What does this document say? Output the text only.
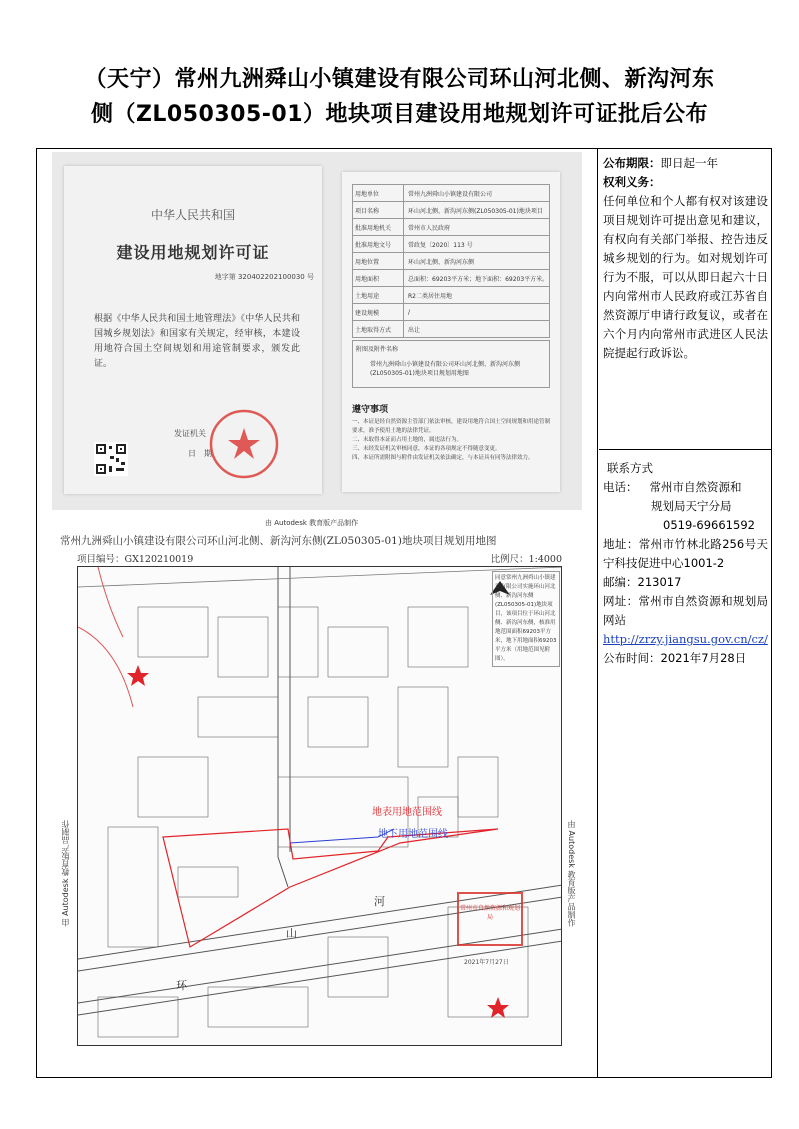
（天宁）常州九洲舜山小镇建设有限公司环山河北侧、新沟河东
侧（ZL050305-01）地块项目建设用地规划许可证批后公布
中华人民共和国
建设用地规划许可证
地字第 320402202100030 号
根据《中华人民共和国土地管理法》《中华人民共和国城乡规划法》和国家有关规定，经审核，本建设用地符合国土空间规划和用途管制要求，颁发此证。
发证机关
日　期
用地单位	常州九洲舜山小镇建设有限公司
项目名称	环山河北侧、新沟河东侧(ZL050305-01)地块项目
批准用地机关	常州市人民政府
批准用地文号	常政复〔2020〕113 号
用地位置	环山河北侧、新沟河东侧
用地面积	总面积：69203平方米；地下面积：69203平方米。
土地用途	R2二类居住用地
建设规模	/
土地取得方式	出让
附图及附件名称
常州九洲舜山小镇建设有限公司环山河北侧、新沟河东侧(ZL050305-01)地块项目规划用地图
遵守事项
一、本证是经自然资源主管部门依法审核，建设用地符合国土空间规划和用途管制要求，准予使用土地的法律凭证。
二、未取得本证而占用土地的，属违法行为。
三、未经发证机关审核同意，本证的各项规定不得随意变更。
四、本证所需附图与附件由发证机关依法确定，与本证具有同等法律效力。
由 Autodesk 教育版产品制作
常州九洲舜山小镇建设有限公司环山河北侧、新沟河东侧(ZL050305-01)地块项目规划用地图
项目编号：GX120210019	比例尺：1:4000
由 Autodesk 教育版产品制作	由 Autodesk 教育版产品制作
地表用地范围线
地下用地范围线
河
山
环
同意常州九洲舜山小镇建设有限公司实施环山河北侧、新沟河东侧(ZL050305-01)地块项目，该项目位于环山河北侧、新沟河东侧，核准用地范围面积69203平方米，地下用地面积69203平方米（用地范围见附图）。
常州市自然资源和规划局
2021年7月27日
公布期限：即日起一年
权利义务：
任何单位和个人都有权对该建设项目规划许可提出意见和建议，有权向有关部门举报、控告违反城乡规划的行为。如对规划许可行为不服，可以从即日起六十日内向常州市人民政府或江苏省自然资源厅申请行政复议，或者在六个月内向常州市武进区人民法院提起行政诉讼。
联系方式
电话： 常州市自然资源和
规划局天宁分局
0519-69661592
地址：常州市竹林北路256号天宁科技促进中心1001-2
邮编：213017
网址：常州市自然资源和规划局网站
http://zrzy.jiangsu.gov.cn/cz/
公布时间：2021年7月28日
